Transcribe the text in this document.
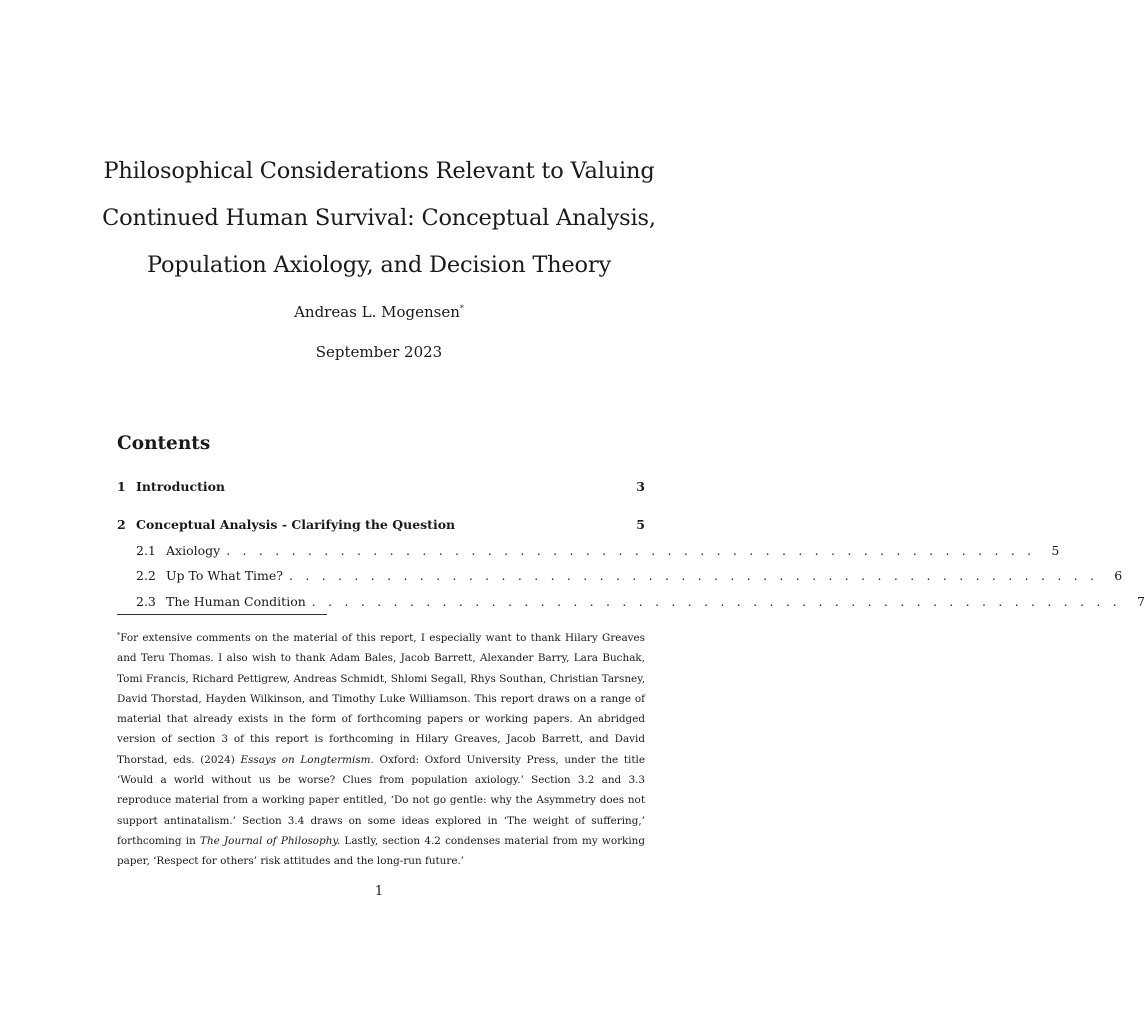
Philosophical Considerations Relevant to Valuing
Continued Human Survival: Conceptual Analysis,
Population Axiology, and Decision Theory
Andreas L. Mogensen*
September 2023
Contents
1 Introduction	3
2 Conceptual Analysis - Clarifying the Question	5
2.1 Axiology . . . . . . . . . . . . . . . . . . . . . . . . . . . . . . . . . . . . . . . . . . . . . . . . . .	5
2.2 Up To What Time? . . . . . . . . . . . . . . . . . . . . . . . . . . . . . . . . . . . . . . . . . . . . . . . . . .	6
2.3 The Human Condition . . . . . . . . . . . . . . . . . . . . . . . . . . . . . . . . . . . . . . . . . . . . . . . . . .	7

*For extensive comments on the material of this report, I especially want to thank Hilary Greaves and Teru Thomas. I also wish to thank Adam Bales, Jacob Barrett, Alexander Barry, Lara Buchak, Tomi Francis, Richard Pettigrew, Andreas Schmidt, Shlomi Segall, Rhys Southan, Christian Tarsney, David Thorstad, Hayden Wilkinson, and Timothy Luke Williamson. This report draws on a range of material that already exists in the form of forthcoming papers or working papers. An abridged version of section 3 of this report is forthcoming in Hilary Greaves, Jacob Barrett, and David Thorstad, eds. (2024) Essays on Longtermism. Oxford: Oxford University Press, under the title ‘Would a world without us be worse? Clues from population axiology.’ Section 3.2 and 3.3 reproduce material from a working paper entitled, ‘Do not go gentle: why the Asymmetry does not support antinatalism.’ Section 3.4 draws on some ideas explored in ‘The weight of suffering,’ forthcoming in The Journal of Philosophy. Lastly, section 4.2 condenses material from my working paper, ‘Respect for others’ risk attitudes and the long-run future.’

1
